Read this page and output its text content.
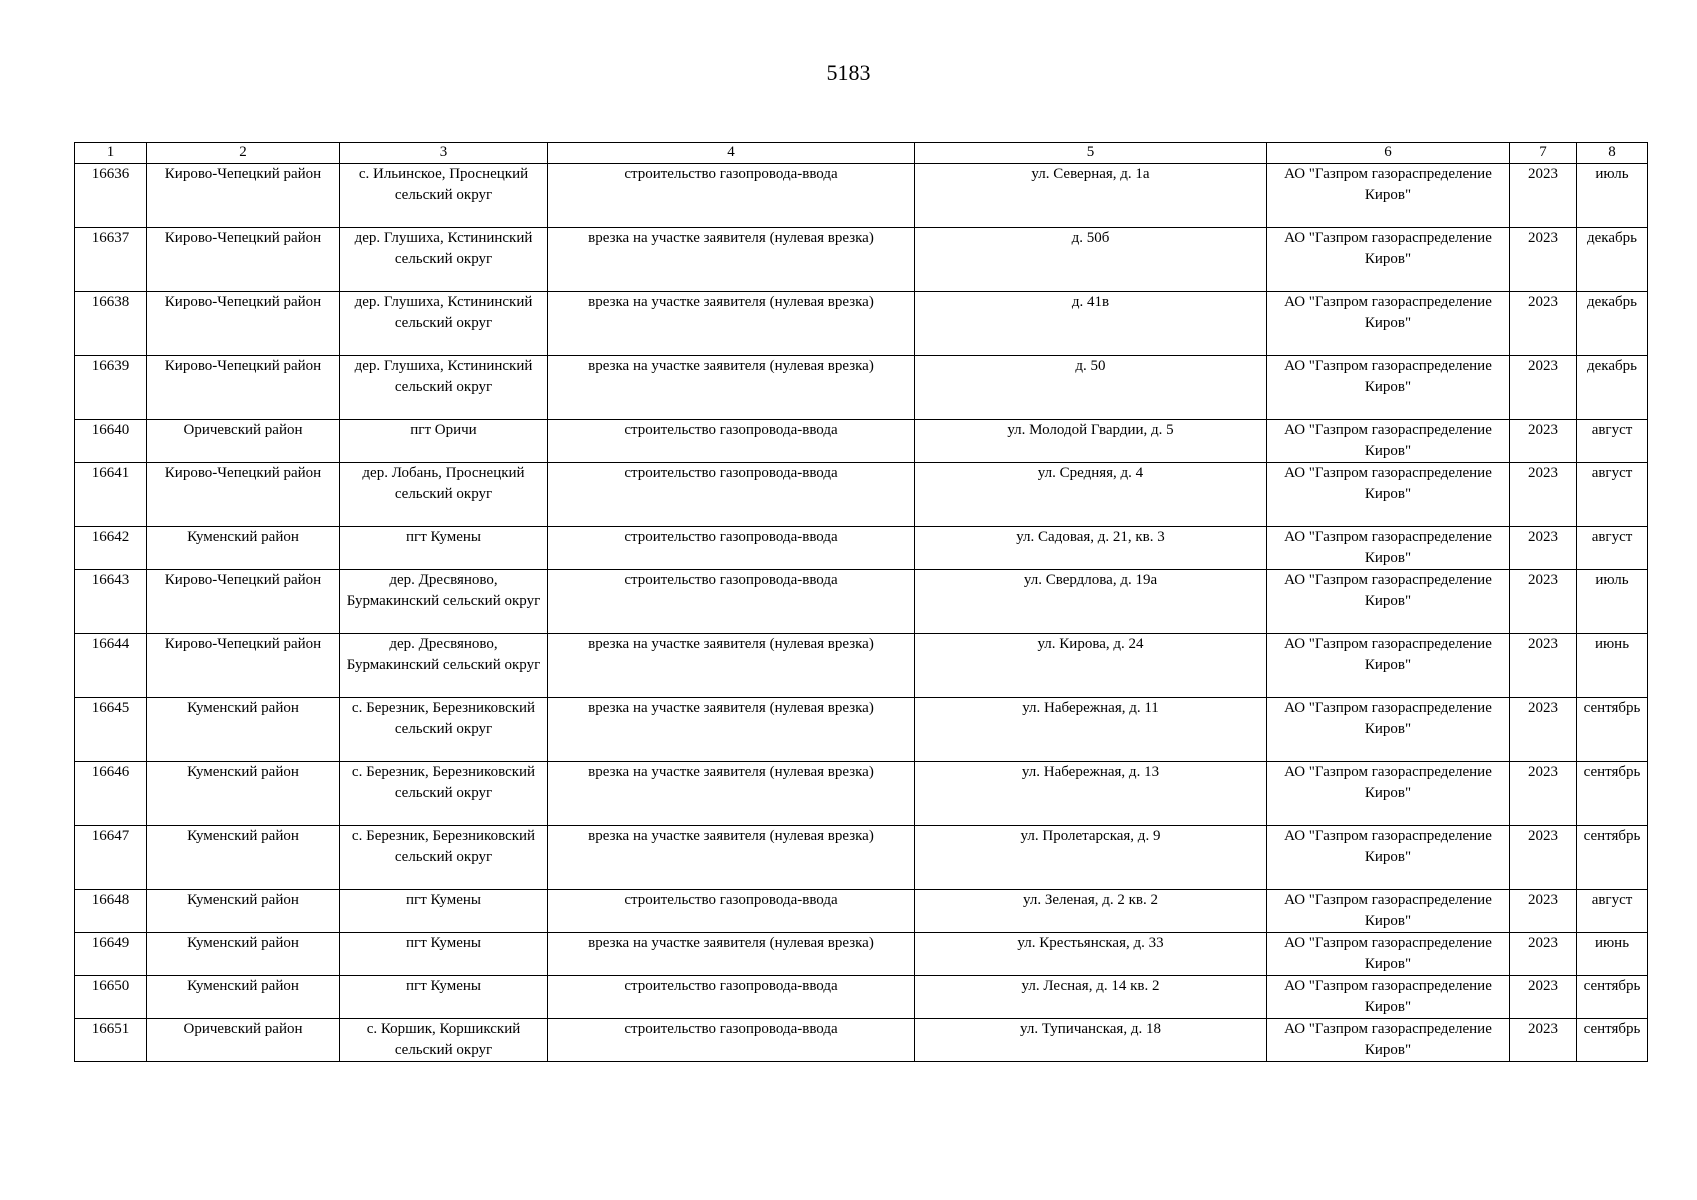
5183
1	2	3	4	5	6	7	8
16636	Кирово-Чепецкий район	с. Ильинское, Проснецкий сельский округ	строительство газопровода-ввода	ул. Северная, д. 1а	АО "Газпром газораспределение Киров"	2023	июль
16637	Кирово-Чепецкий район	дер. Глушиха, Кстининский сельский округ	врезка на участке заявителя (нулевая врезка)	д. 50б	АО "Газпром газораспределение Киров"	2023	декабрь
16638	Кирово-Чепецкий район	дер. Глушиха, Кстининский сельский округ	врезка на участке заявителя (нулевая врезка)	д. 41в	АО "Газпром газораспределение Киров"	2023	декабрь
16639	Кирово-Чепецкий район	дер. Глушиха, Кстининский сельский округ	врезка на участке заявителя (нулевая врезка)	д. 50	АО "Газпром газораспределение Киров"	2023	декабрь
16640	Оричевский район	пгт Оричи	строительство газопровода-ввода	ул. Молодой Гвардии, д. 5	АО "Газпром газораспределение Киров"	2023	август
16641	Кирово-Чепецкий район	дер. Лобань, Проснецкий сельский округ	строительство газопровода-ввода	ул. Средняя, д. 4	АО "Газпром газораспределение Киров"	2023	август
16642	Куменский район	пгт Кумены	строительство газопровода-ввода	ул. Садовая, д. 21, кв. 3	АО "Газпром газораспределение Киров"	2023	август
16643	Кирово-Чепецкий район	дер. Дресвяново, Бурмакинский сельский округ	строительство газопровода-ввода	ул. Свердлова, д. 19а	АО "Газпром газораспределение Киров"	2023	июль
16644	Кирово-Чепецкий район	дер. Дресвяново, Бурмакинский сельский округ	врезка на участке заявителя (нулевая врезка)	ул. Кирова, д. 24	АО "Газпром газораспределение Киров"	2023	июнь
16645	Куменский район	с. Березник, Березниковский сельский округ	врезка на участке заявителя (нулевая врезка)	ул. Набережная, д. 11	АО "Газпром газораспределение Киров"	2023	сентябрь
16646	Куменский район	с. Березник, Березниковский сельский округ	врезка на участке заявителя (нулевая врезка)	ул. Набережная, д. 13	АО "Газпром газораспределение Киров"	2023	сентябрь
16647	Куменский район	с. Березник, Березниковский сельский округ	врезка на участке заявителя (нулевая врезка)	ул. Пролетарская, д. 9	АО "Газпром газораспределение Киров"	2023	сентябрь
16648	Куменский район	пгт Кумены	строительство газопровода-ввода	ул. Зеленая, д. 2 кв. 2	АО "Газпром газораспределение Киров"	2023	август
16649	Куменский район	пгт Кумены	врезка на участке заявителя (нулевая врезка)	ул. Крестьянская, д. 33	АО "Газпром газораспределение Киров"	2023	июнь
16650	Куменский район	пгт Кумены	строительство газопровода-ввода	ул. Лесная, д. 14 кв. 2	АО "Газпром газораспределение Киров"	2023	сентябрь
16651	Оричевский район	с. Коршик, Коршикский сельский округ	строительство газопровода-ввода	ул. Тупичанская, д. 18	АО "Газпром газораспределение Киров"	2023	сентябрь
